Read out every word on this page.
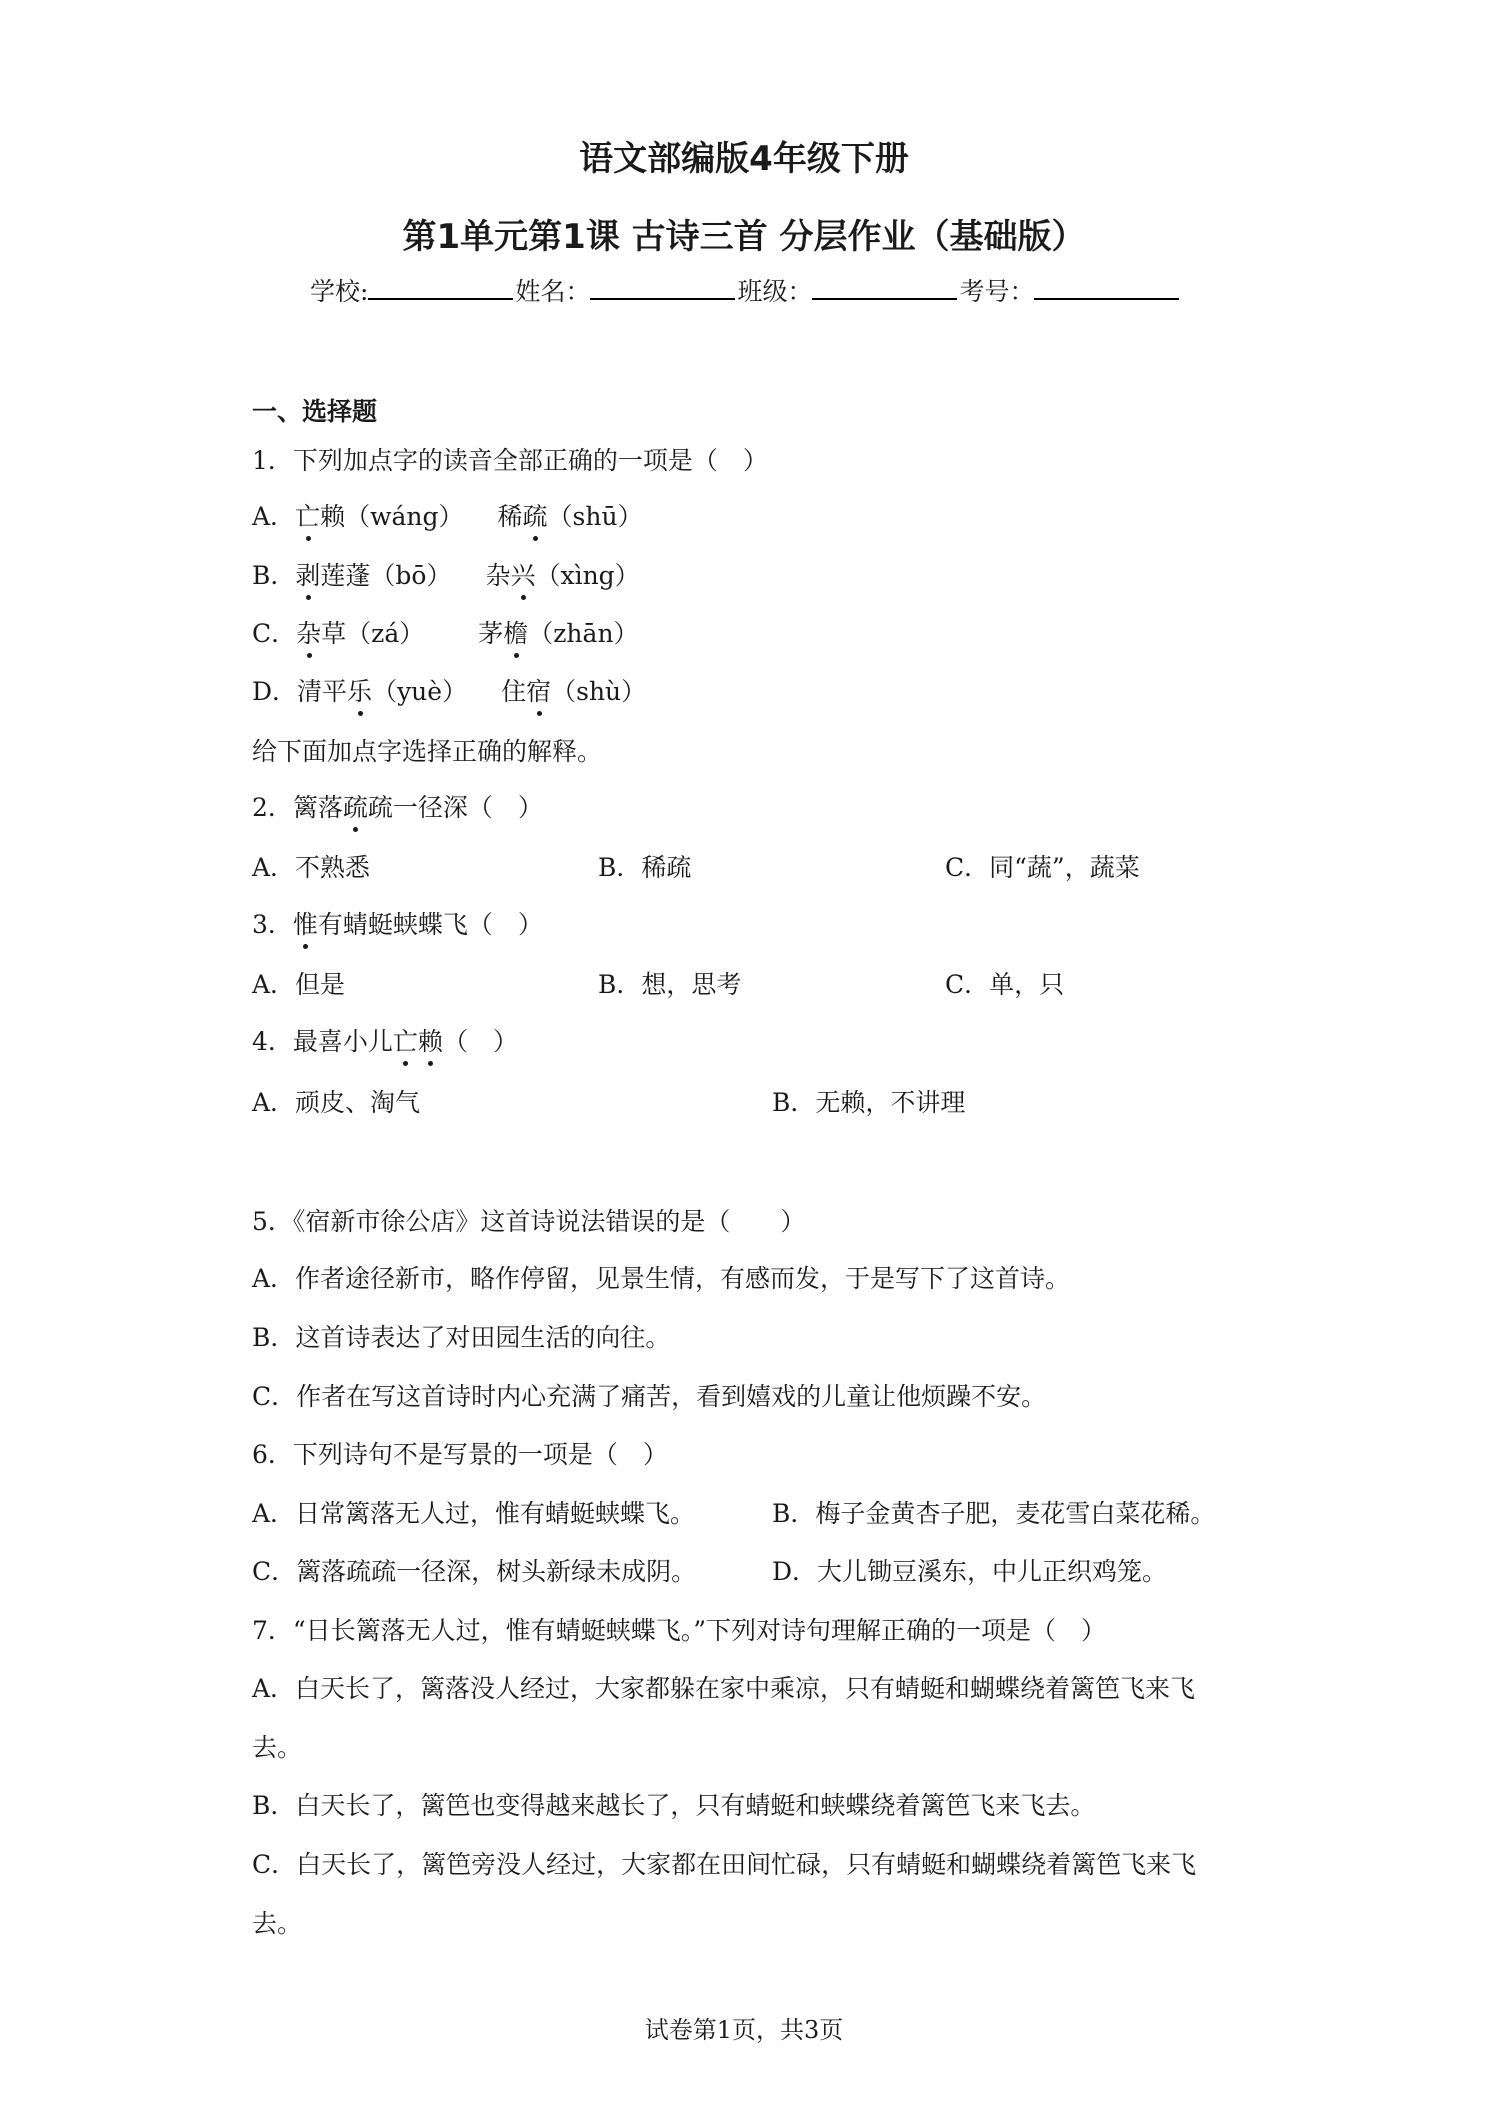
语文部编版4年级下册
第1单元第1课 古诗三首 分层作业（基础版）
学校:	姓名：	班级：	考号：
一、选择题
1．下列加点字的读音全部正确的一项是（　）
A．亡赖（wáng） 稀疏（shū）
B．剥莲蓬（bō） 杂兴（xìng）
C．杂草（zá） 茅檐（zhān）
D．清平乐（yuè） 住宿（shù）
给下面加点字选择正确的解释。
2．篱落疏疏一径深（　）
A．不熟悉	B．稀疏	C．同“蔬”，蔬菜
3．惟有蜻蜓蛱蝶飞（　）
A．但是	B．想，思考	C．单，只
4．最喜小儿亡赖（　）
A．顽皮、淘气	B．无赖，不讲理
5．《宿新市徐公店》这首诗说法错误的是（　　）
A．作者途径新市，略作停留，见景生情，有感而发，于是写下了这首诗。
B．这首诗表达了对田园生活的向往。
C．作者在写这首诗时内心充满了痛苦，看到嬉戏的儿童让他烦躁不安。
6．下列诗句不是写景的一项是（　）
A．日常篱落无人过，惟有蜻蜓蛱蝶飞。	B．梅子金黄杏子肥，麦花雪白菜花稀。
C．篱落疏疏一径深，树头新绿未成阴。	D．大儿锄豆溪东，中儿正织鸡笼。
7．“日长篱落无人过，惟有蜻蜓蛱蝶飞。”下列对诗句理解正确的一项是（　）
A．白天长了，篱落没人经过，大家都躲在家中乘凉，只有蜻蜓和蝴蝶绕着篱笆飞来飞
去。
B．白天长了，篱笆也变得越来越长了，只有蜻蜓和蛱蝶绕着篱笆飞来飞去。
C．白天长了，篱笆旁没人经过，大家都在田间忙碌，只有蜻蜓和蝴蝶绕着篱笆飞来飞
去。
试卷第1页，共3页
